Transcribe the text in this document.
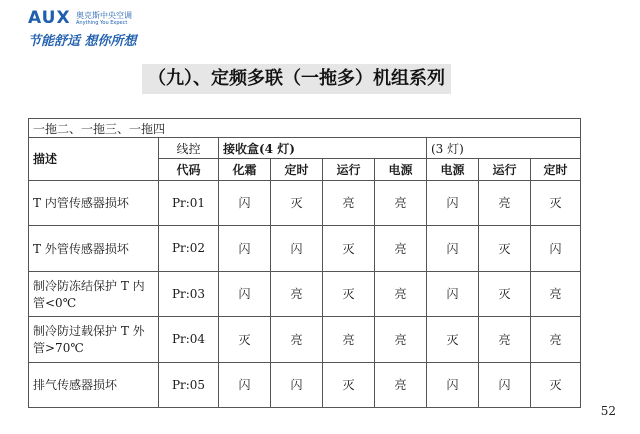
AUX 奥克斯中央空调
Anything You Expect
节能舒适 想你所想
（九）、定频多联（一拖多）机组系列
一拖二、一拖三、一拖四								
描述	线控	接收盒(4 灯)				(3 灯)		
	代码	化霜	定时	运行	电源	电源	运行	定时
T 内管传感器损坏	Pr:01	闪	灭	亮	亮	闪	亮	灭
T 外管传感器损坏	Pr:02	闪	闪	灭	亮	闪	灭	闪
制冷防冻结保护 T 内管<0℃	Pr:03	闪	亮	灭	亮	闪	灭	亮
制冷防过载保护 T 外管>70℃	Pr:04	灭	亮	亮	亮	灭	亮	亮
排气传感器损坏	Pr:05	闪	闪	灭	亮	闪	闪	灭
52
